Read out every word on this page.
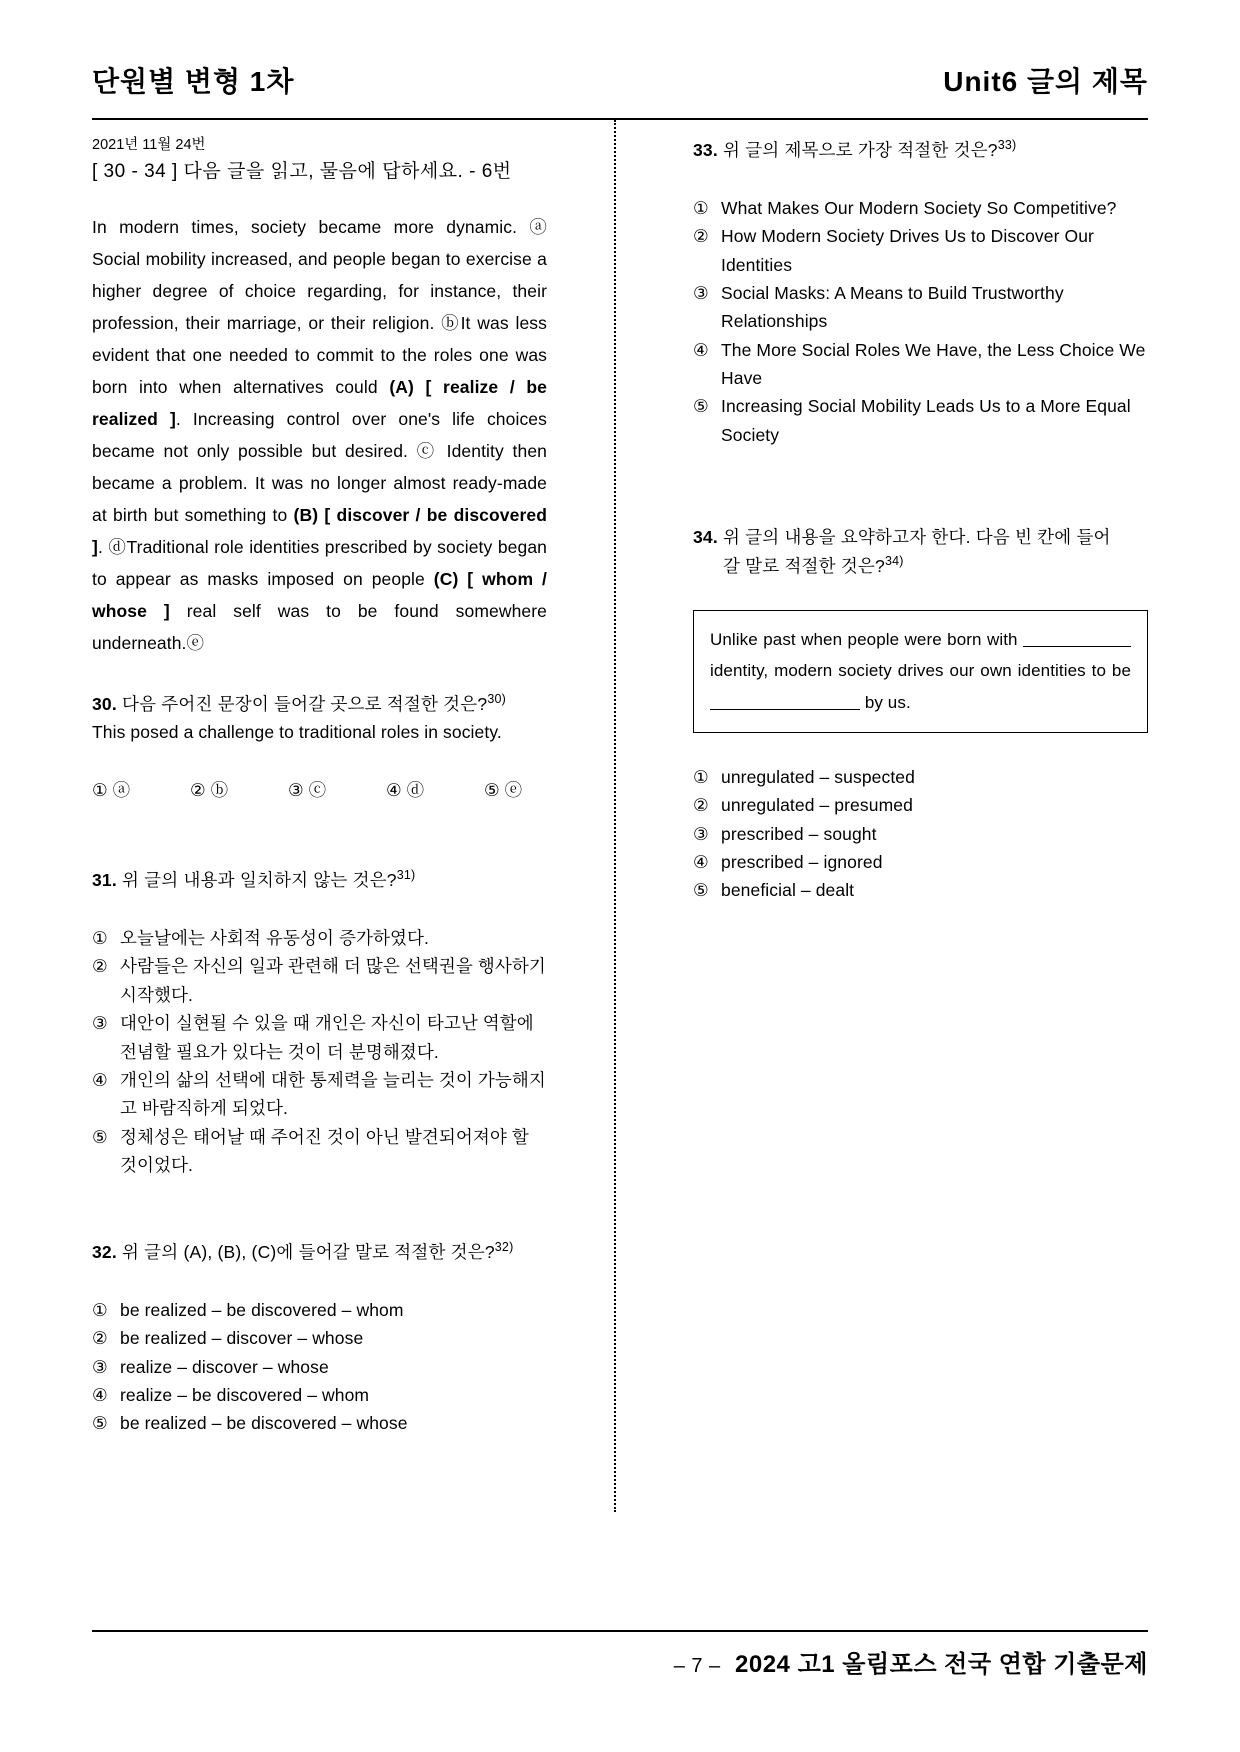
단원별 변형 1차	Unit6 글의 제목
2021년 11월 24번
[ 30 - 34 ] 다음 글을 읽고, 물음에 답하세요. - 6번

In modern times, society became more dynamic. ⓐ Social mobility increased, and people began to exercise a higher degree of choice regarding, for instance, their profession, their marriage, or their religion. ⓑIt was less evident that one needed to commit to the roles one was born into when alternatives could (A) [ realize / be realized ]. Increasing control over one's life choices became not only possible but desired. ⓒ Identity then became a problem. It was no longer almost ready-made at birth but something to (B) [ discover / be discovered ]. ⓓTraditional role identities prescribed by society began to appear as masks imposed on people (C) [ whom / whose ] real self was to be found somewhere underneath.ⓔ

30. 다음 주어진 문장이 들어갈 곳으로 적절한 것은?$^{30)}$
This posed a challenge to traditional roles in society.
① ⓐ	② ⓑ	③ ⓒ	④ ⓓ	⑤ ⓔ
31. 위 글의 내용과 일치하지 않는 것은?$^{31)}$
① 오늘날에는 사회적 유동성이 증가하였다.
② 사람들은 자신의 일과 관련해 더 많은 선택권을 행사하기 시작했다.
③ 대안이 실현될 수 있을 때 개인은 자신이 타고난 역할에 전념할 필요가 있다는 것이 더 분명해졌다.
④ 개인의 삶의 선택에 대한 통제력을 늘리는 것이 가능해지고 바람직하게 되었다.
⑤ 정체성은 태어날 때 주어진 것이 아닌 발견되어져야 할 것이었다.
32. 위 글의 (A), (B), (C)에 들어갈 말로 적절한 것은?$^{32)}$
① be realized – be discovered – whom
② be realized – discover – whose
③ realize – discover – whose
④ realize – be discovered – whom
⑤ be realized – be discovered – whose
33. 위 글의 제목으로 가장 적절한 것은?$^{33)}$
① What Makes Our Modern Society So Competitive?
② How Modern Society Drives Us to Discover Our Identities
③ Social Masks: A Means to Build Trustworthy Relationships
④ The More Social Roles We Have, the Less Choice We Have
⑤ Increasing Social Mobility Leads Us to a More Equal Society
34. 위 글의 내용을 요약하고자 한다. 다음 빈 칸에 들어
갈 말로 적절한 것은?$^{34)}$
Unlike past when people were born with  identity, modern society drives our own identities to be  by us.
① unregulated – suspected
② unregulated – presumed
③ prescribed – sought
④ prescribed – ignored
⑤ beneficial – dealt
– 7 – 2024 고1 올림포스 전국 연합 기출문제
